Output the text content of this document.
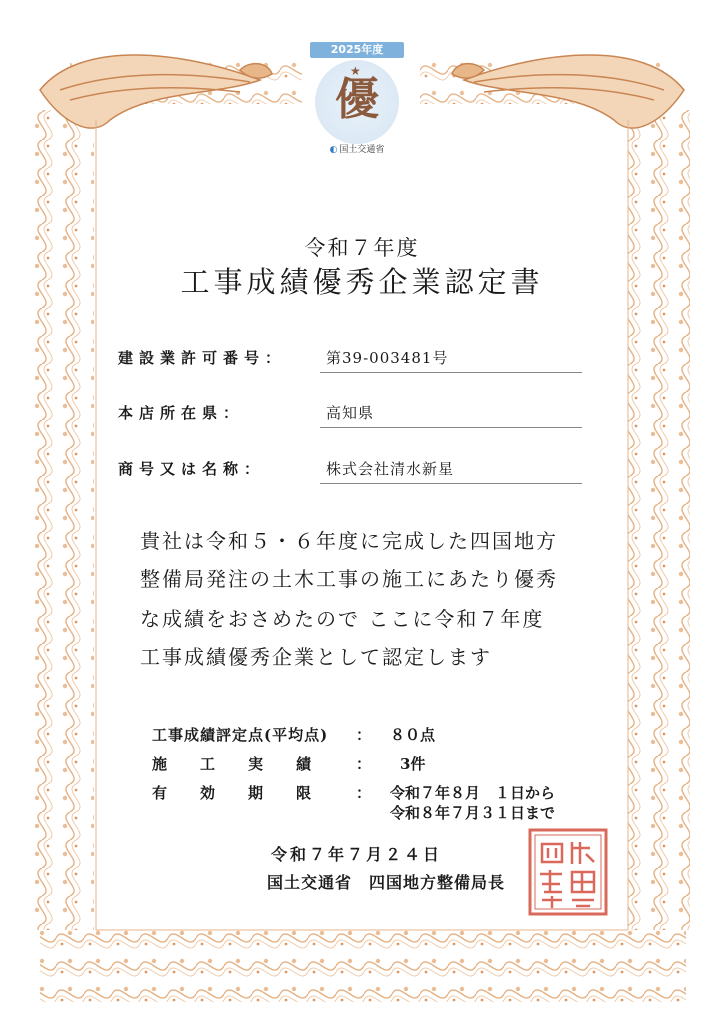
2025年度
★
優
◐ 国土交通省
令和７年度
工事成績優秀企業認定書
建設業許可番号：	第39-003481号
本店所在県：	高知県
商号又は名称：	株式会社清水新星
貴社は令和５・６年度に完成した四国地方
整備局発注の土木工事の施工にあたり優秀
な成績をおさめたので ここに令和７年度
工事成績優秀企業として認定します
工事成績評定点(平均点)	： ８０点
施　　工　　実　　績	： 3件
有　　効　　期　　限	： 令和７年８月　１日から
令和８年７月３１日まで
令和７年７月２４日
国土交通省　四国地方整備局長
